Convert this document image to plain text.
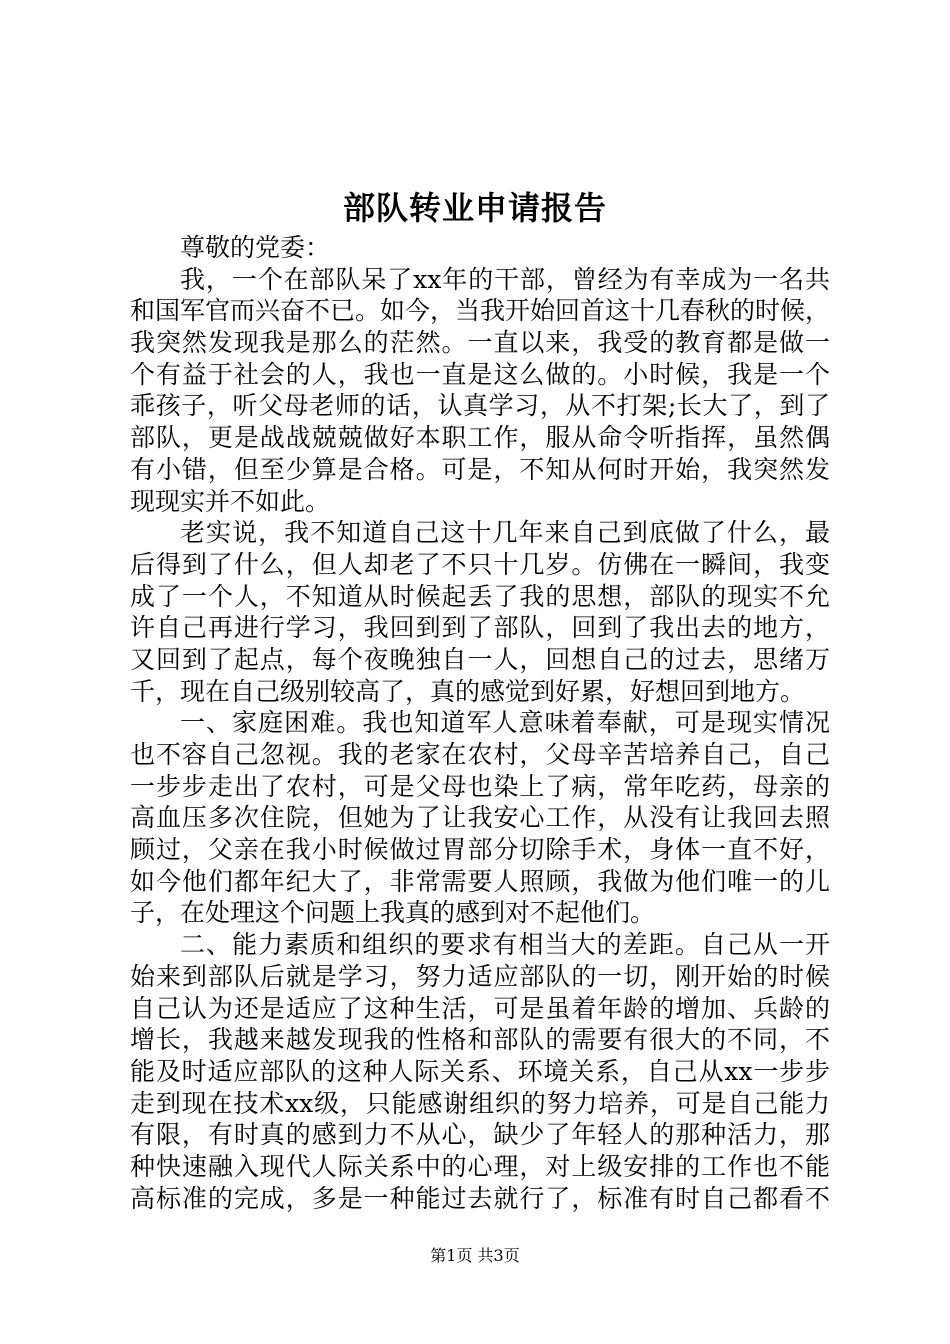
部队转业申请报告
尊敬的党委：
我，一个在部队呆了xx年的干部，曾经为有幸成为一名共
和国军官而兴奋不已。如今，当我开始回首这十几春秋的时候，
我突然发现我是那么的茫然。一直以来，我受的教育都是做一
个有益于社会的人，我也一直是这么做的。小时候，我是一个
乖孩子，听父母老师的话，认真学习，从不打架;长大了，到了
部队，更是战战兢兢做好本职工作，服从命令听指挥，虽然偶
有小错，但至少算是合格。可是，不知从何时开始，我突然发
现现实并不如此。
老实说，我不知道自己这十几年来自己到底做了什么，最
后得到了什么，但人却老了不只十几岁。仿佛在一瞬间，我变
成了一个人，不知道从时候起丢了我的思想，部队的现实不允
许自己再进行学习，我回到到了部队，回到了我出去的地方，
又回到了起点，每个夜晚独自一人，回想自己的过去，思绪万
千，现在自己级别较高了，真的感觉到好累，好想回到地方。
一、家庭困难。我也知道军人意味着奉献，可是现实情况
也不容自己忽视。我的老家在农村，父母辛苦培养自己，自己
一步步走出了农村，可是父母也染上了病，常年吃药，母亲的
高血压多次住院，但她为了让我安心工作，从没有让我回去照
顾过，父亲在我小时候做过胃部分切除手术，身体一直不好，
如今他们都年纪大了，非常需要人照顾，我做为他们唯一的儿
子，在处理这个问题上我真的感到对不起他们。
二、能力素质和组织的要求有相当大的差距。自己从一开
始来到部队后就是学习，努力适应部队的一切，刚开始的时候
自己认为还是适应了这种生活，可是虽着年龄的增加、兵龄的
增长，我越来越发现我的性格和部队的需要有很大的不同，不
能及时适应部队的这种人际关系、环境关系，自己从xx一步步
走到现在技术xx级，只能感谢组织的努力培养，可是自己能力
有限，有时真的感到力不从心，缺少了年轻人的那种活力，那
种快速融入现代人际关系中的心理，对上级安排的工作也不能
高标准的完成，多是一种能过去就行了，标准有时自己都看不
第1页 共3页
